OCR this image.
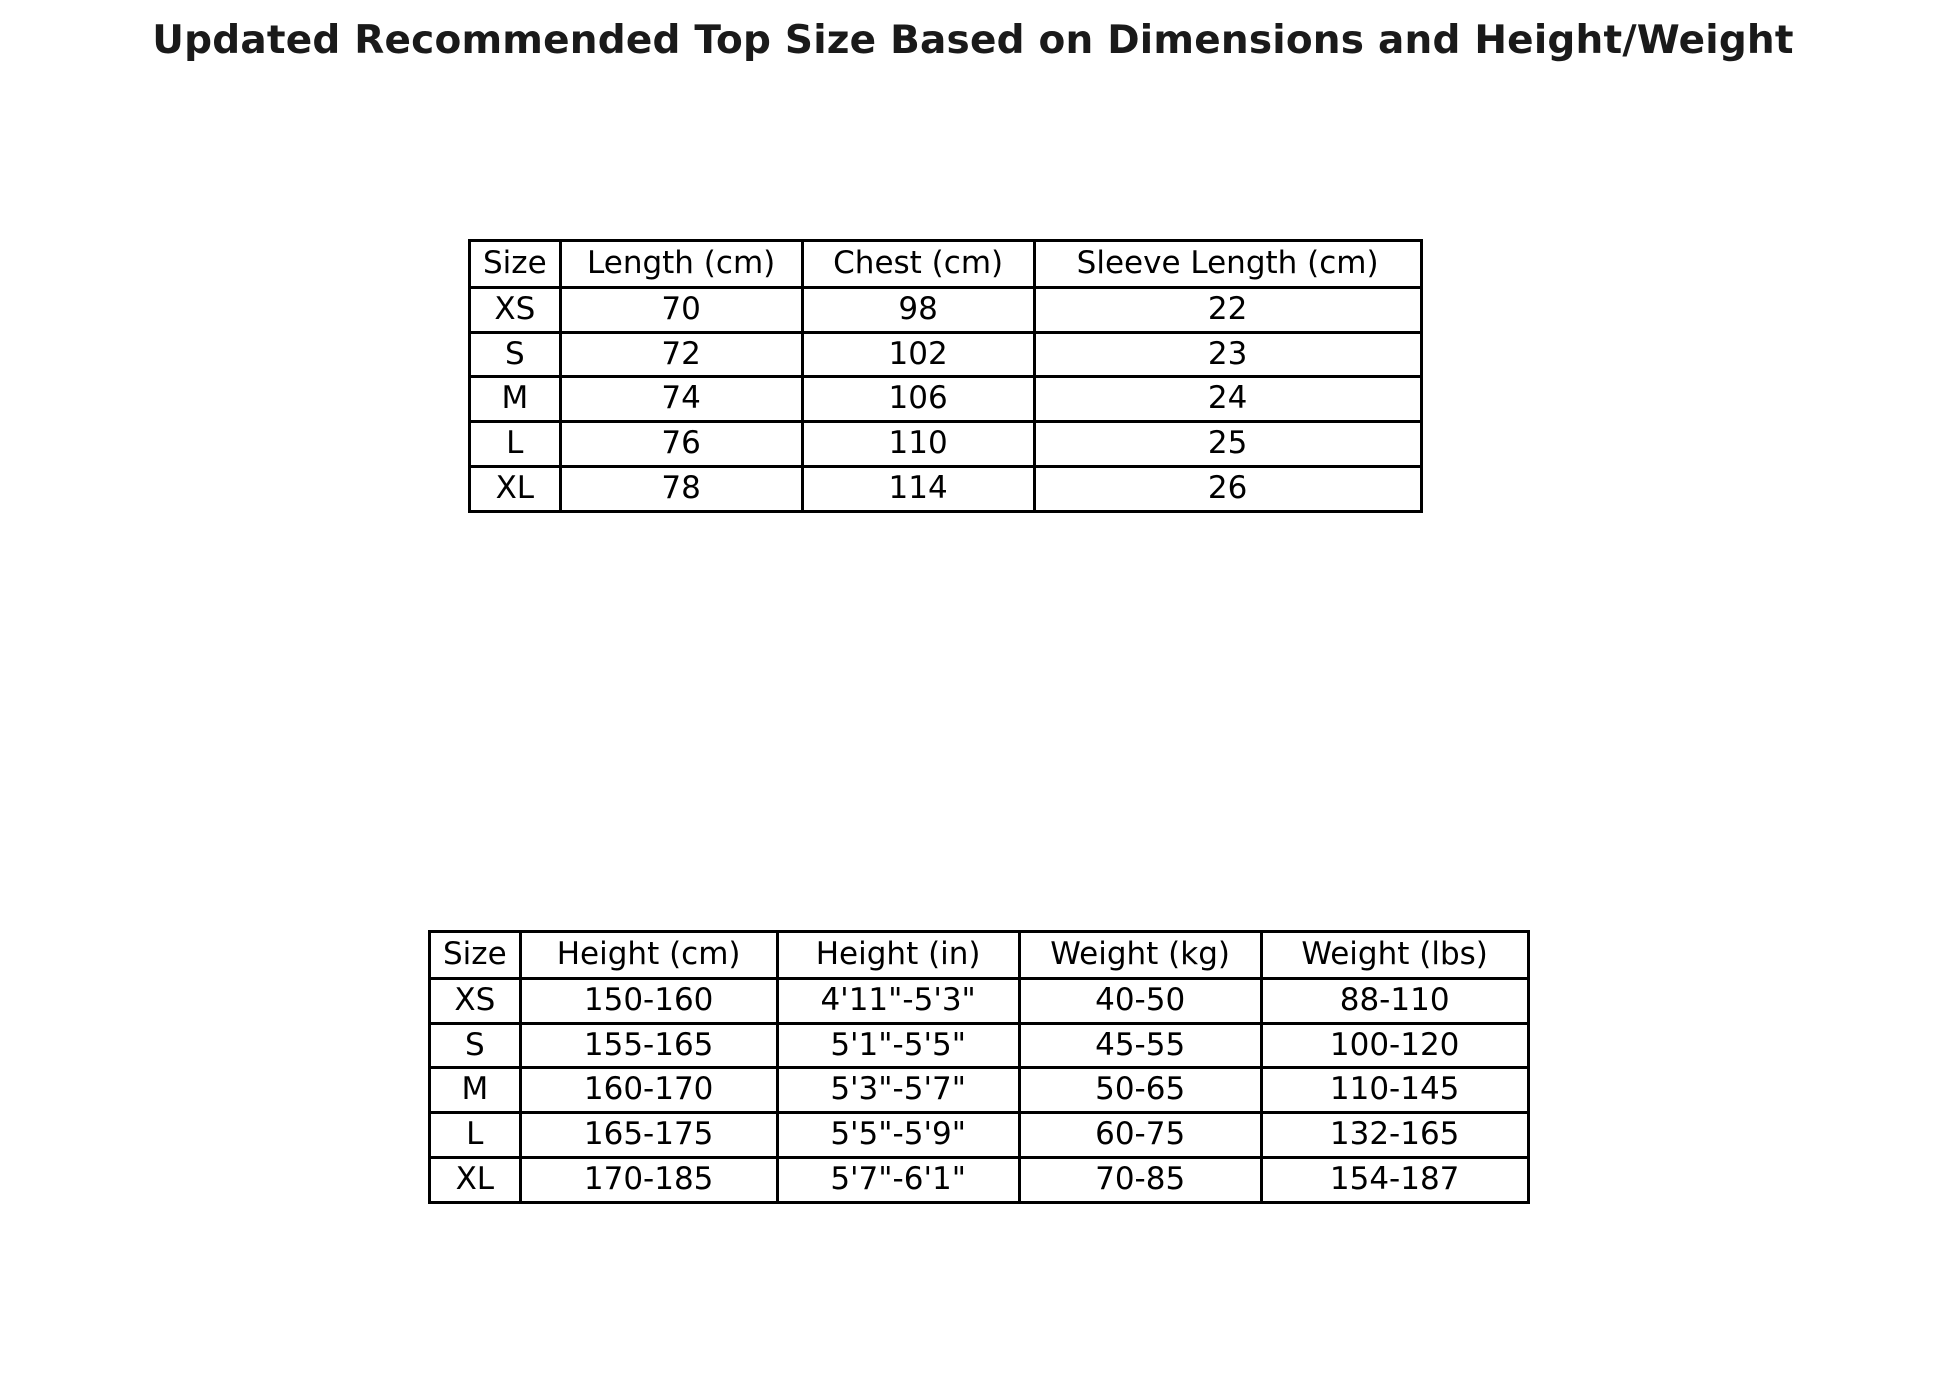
Updated Recommended Top Size Based on Dimensions and Height/Weight
Size	Length (cm)	Chest (cm)	Sleeve Length (cm)
XS	70	98	22
S	72	102	23
M	74	106	24
L	76	110	25
XL	78	114	26
Size	Height (cm)	Height (in)	Weight (kg)	Weight (lbs)
XS	150-160	4'11"-5'3"	40-50	88-110
S	155-165	5'1"-5'5"	45-55	100-120
M	160-170	5'3"-5'7"	50-65	110-145
L	165-175	5'5"-5'9"	60-75	132-165
XL	170-185	5'7"-6'1"	70-85	154-187
